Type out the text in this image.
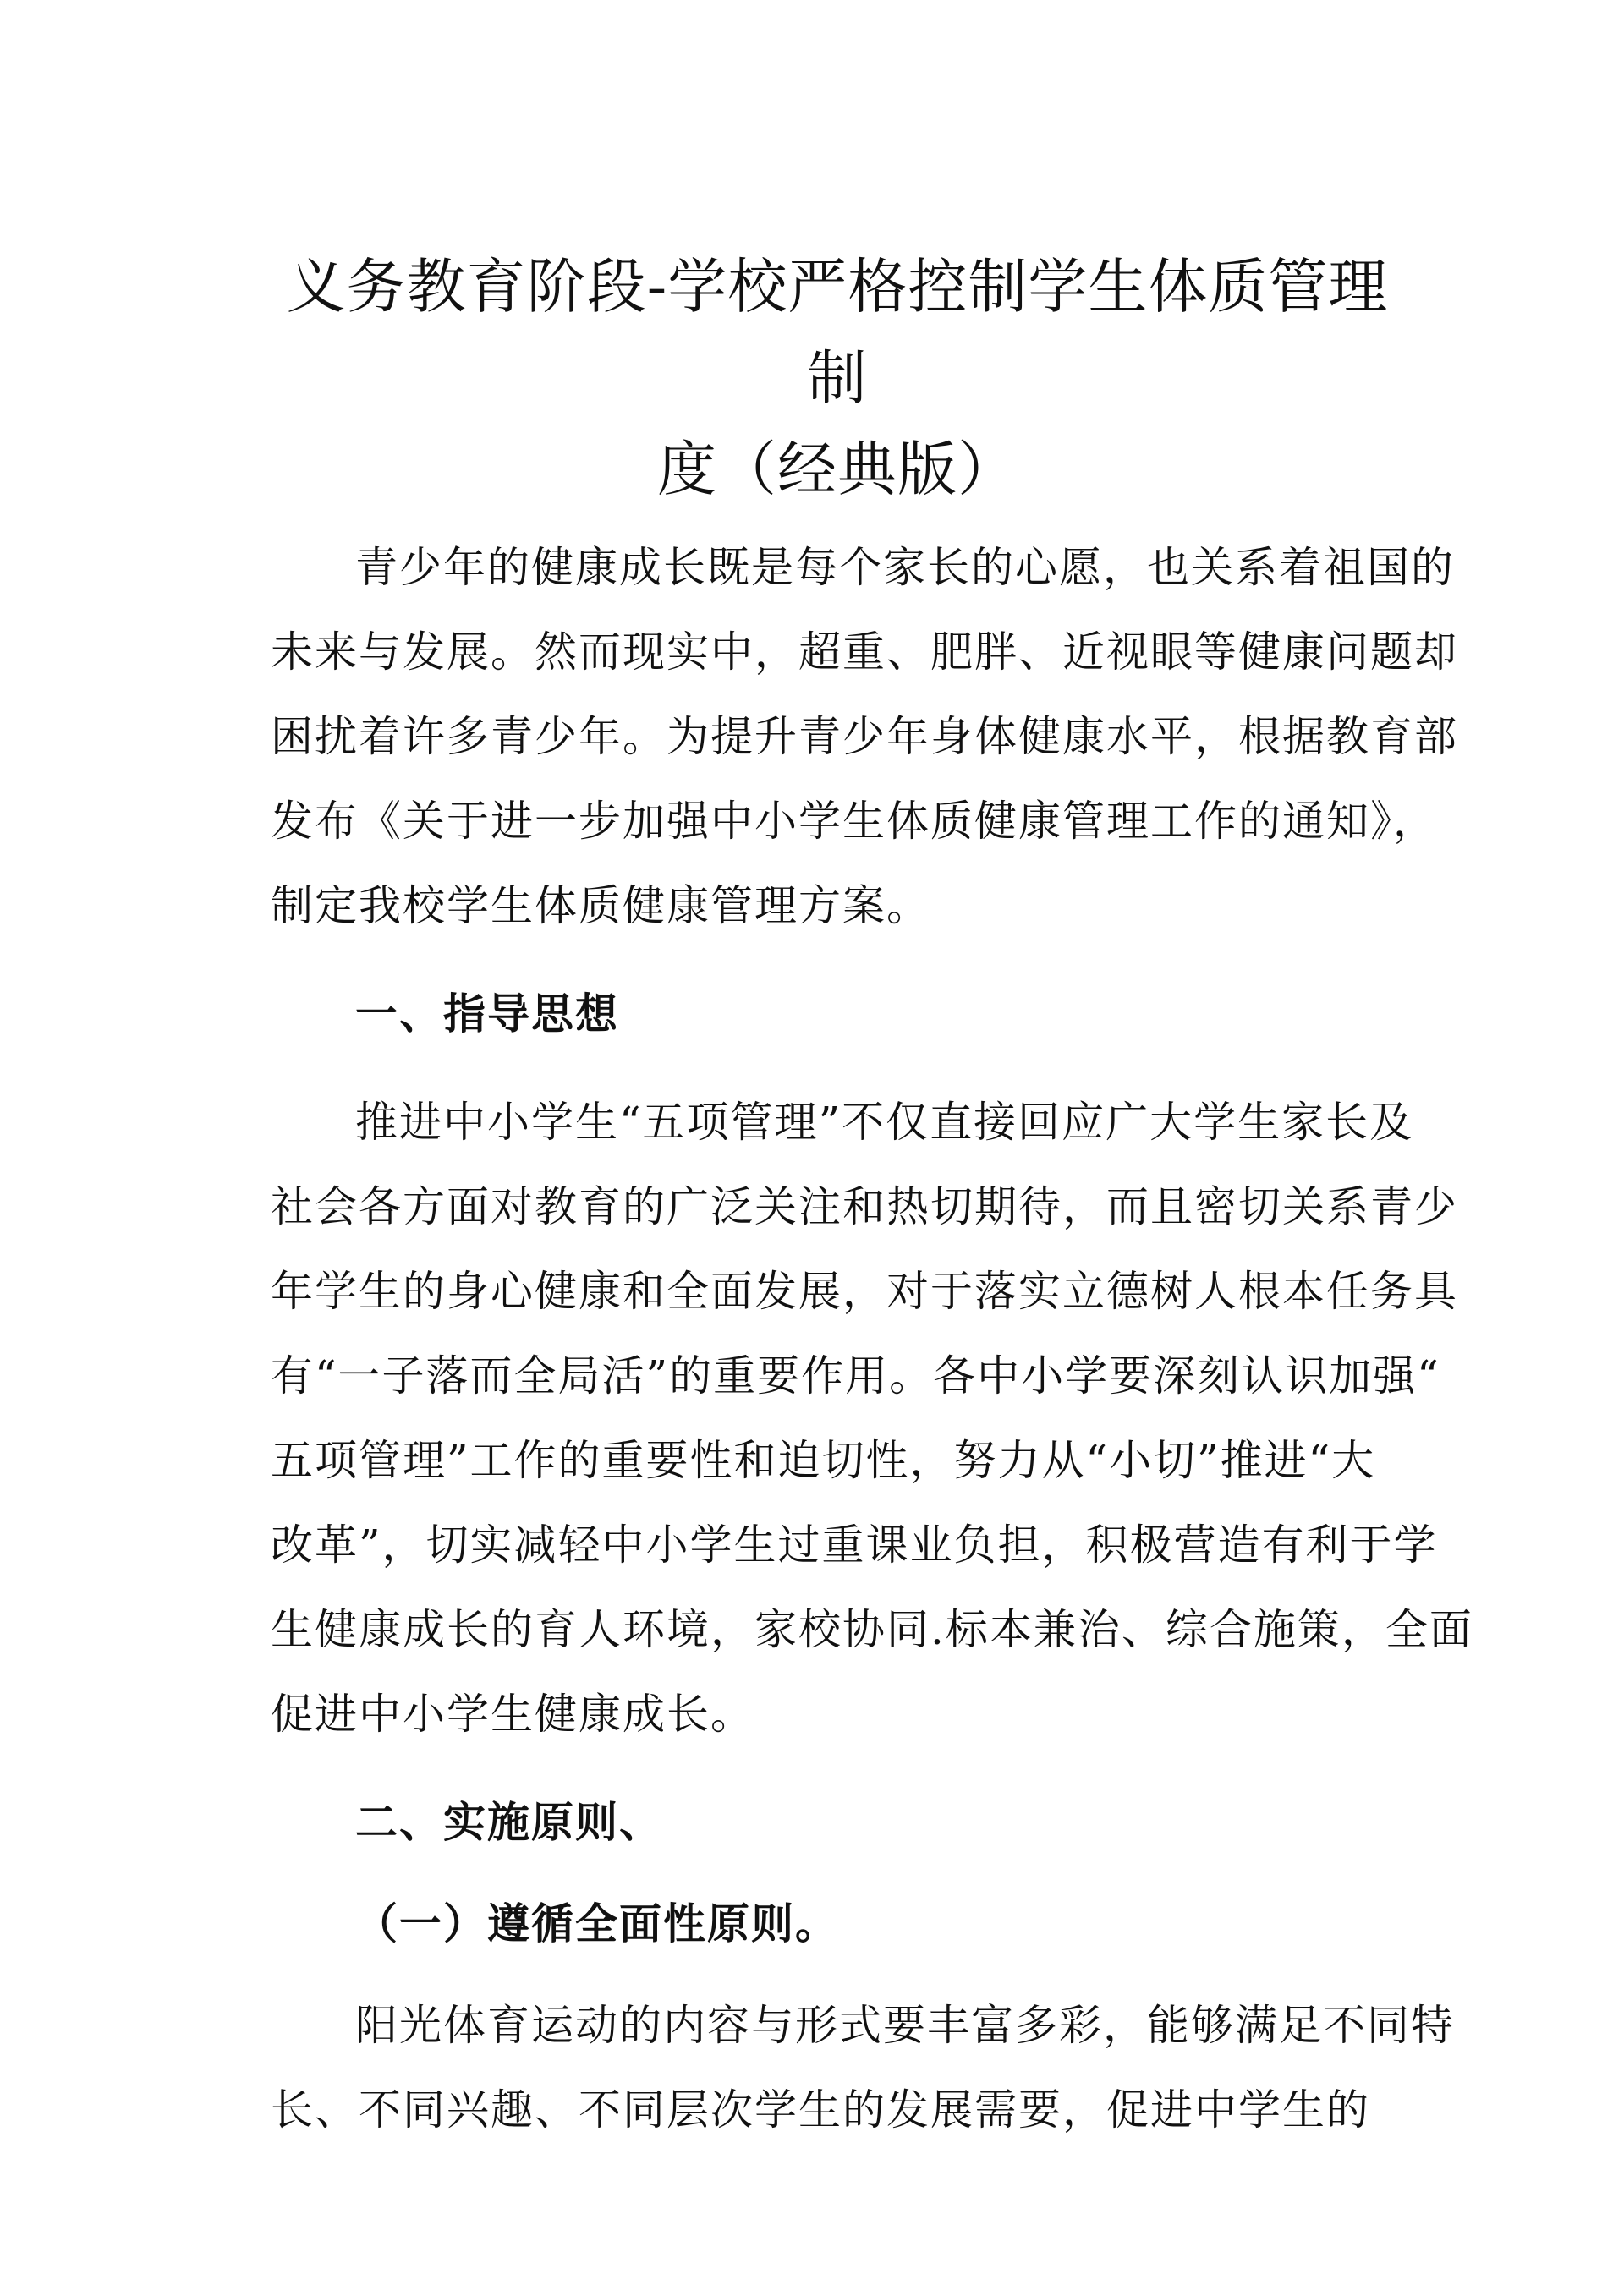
义务教育阶段-学校严格控制学生体质管理制
度（经典版）

青少年的健康成长既是每个家长的心愿，也关系着祖国的
未来与发展。然而现实中，超重、肥胖、近视眼等健康问题却
困扰着许多青少年。为提升青少年身体健康水平，根据教育部
发布《关于进一步加强中小学生体质健康管理工作的通知》，
制定我校学生体质健康管理方案。

一、指导思想

推进中小学生“五项管理”不仅直接回应广大学生家长及
社会各方面对教育的广泛关注和热切期待，而且密切关系青少
年学生的身心健康和全面发展，对于落实立德树人根本任务具
有“一子落而全局活”的重要作用。各中小学要深刻认识加强“
五项管理”工作的重要性和迫切性，努力从“小切”推进“大
改革”，切实减轻中小学生过重课业负担，积极营造有利于学
生健康成长的育人环境，家校协同.标本兼治、综合施策，全面
促进中小学生健康成长。

二、实施原则、
（一）遵循全面性原则。

阳光体育运动的内容与形式要丰富多彩，能够满足不同特
长、不同兴趣、不同层次学生的发展需要，促进中学生的
